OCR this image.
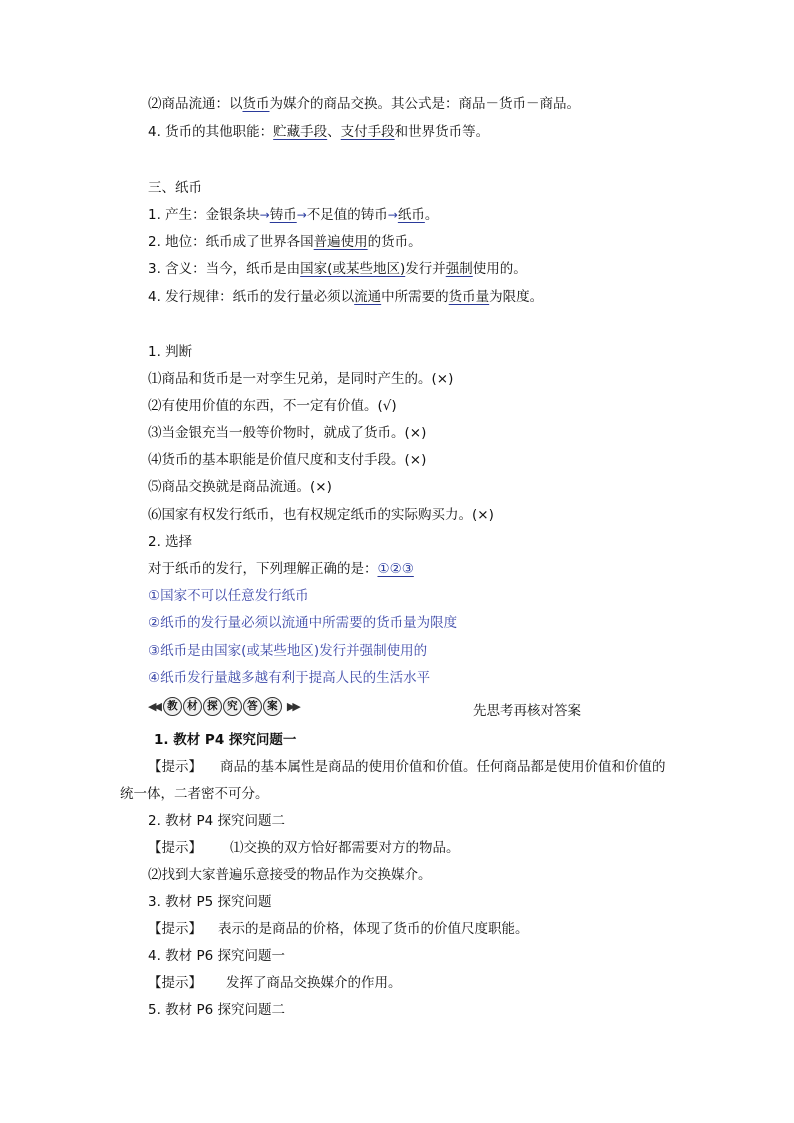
⑵商品流通：以货币为媒介的商品交换。其公式是：商品－货币－商品。
4. 货币的其他职能：贮藏手段、支付手段和世界货币等。
三、纸币
1. 产生：金银条块→铸币→不足值的铸币→纸币。
2. 地位：纸币成了世界各国普遍使用的货币。
3. 含义：当今，纸币是由国家(或某些地区)发行并强制使用的。
4. 发行规律：纸币的发行量必须以流通中所需要的货币量为限度。
1. 判断
⑴商品和货币是一对孪生兄弟，是同时产生的。(×)
⑵有使用价值的东西，不一定有价值。(√)
⑶当金银充当一般等价物时，就成了货币。(×)
⑷货币的基本职能是价值尺度和支付手段。(×)
⑸商品交换就是商品流通。(×)
⑹国家有权发行纸币，也有权规定纸币的实际购买力。(×)
2. 选择
对于纸币的发行，下列理解正确的是：①②③
①国家不可以任意发行纸币
②纸币的发行量必须以流通中所需要的货币量为限度
③纸币是由国家(或某些地区)发行并强制使用的
④纸币发行量越多越有利于提高人民的生活水平
◀◀ 教 材 探 究 答 案 ▶▶	先思考再核对答案
1. 教材 P4 探究问题一
【提示】 商品的基本属性是商品的使用价值和价值。任何商品都是使用价值和价值的
统一体，二者密不可分。
2. 教材 P4 探究问题二
【提示】 ⑴交换的双方恰好都需要对方的物品。
⑵找到大家普遍乐意接受的物品作为交换媒介。
3. 教材 P5 探究问题
【提示】 表示的是商品的价格，体现了货币的价值尺度职能。
4. 教材 P6 探究问题一
【提示】 发挥了商品交换媒介的作用。
5. 教材 P6 探究问题二
